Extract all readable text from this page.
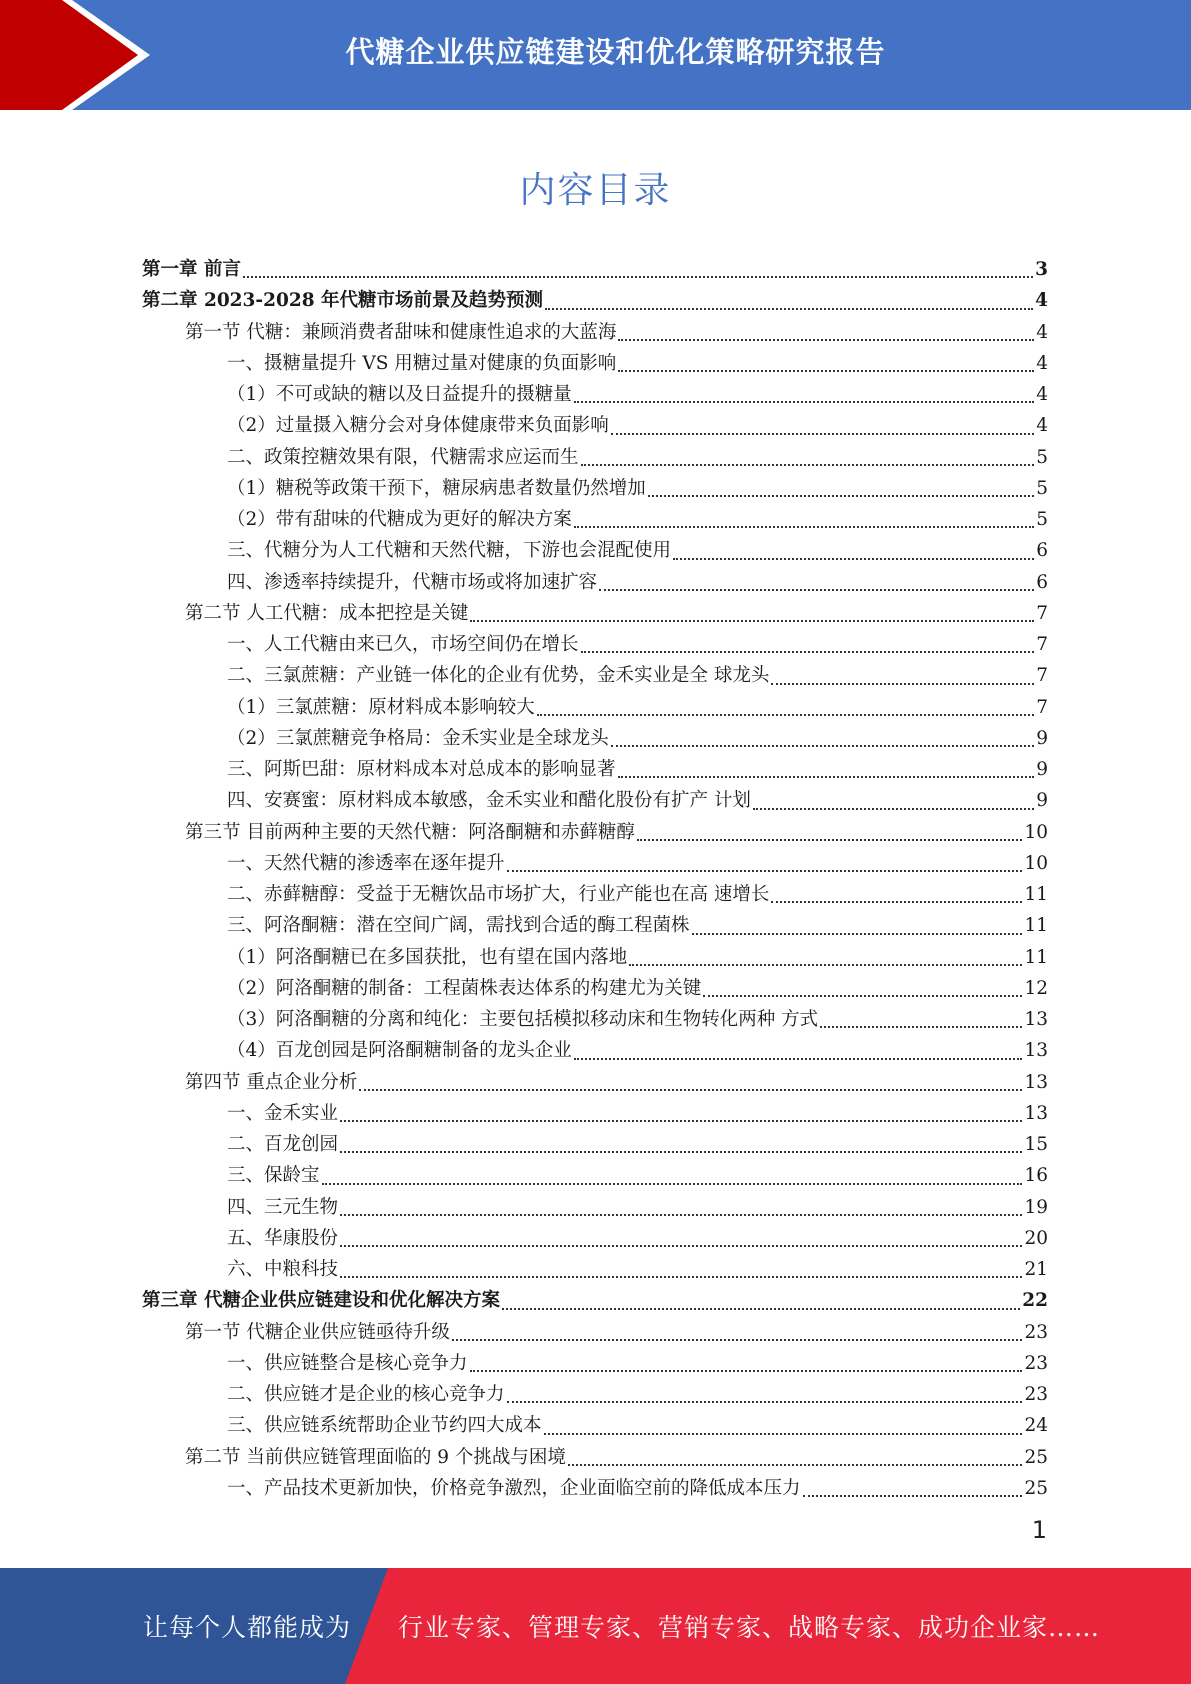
代糖企业供应链建设和优化策略研究报告
内容目录
第一章 前言	3
第二章 2023-2028 年代糖市场前景及趋势预测	4
第一节 代糖：兼顾消费者甜味和健康性追求的大蓝海	4
一、摄糖量提升 VS 用糖过量对健康的负面影响	4
（1）不可或缺的糖以及日益提升的摄糖量	4
（2）过量摄入糖分会对身体健康带来负面影响	4
二、政策控糖效果有限，代糖需求应运而生	5
（1）糖税等政策干预下，糖尿病患者数量仍然增加	5
（2）带有甜味的代糖成为更好的解决方案	5
三、代糖分为人工代糖和天然代糖，下游也会混配使用	6
四、渗透率持续提升，代糖市场或将加速扩容	6
第二节 人工代糖：成本把控是关键	7
一、人工代糖由来已久，市场空间仍在增长	7
二、三氯蔗糖：产业链一体化的企业有优势，金禾实业是全 球龙头	7
（1）三氯蔗糖：原材料成本影响较大	7
（2）三氯蔗糖竞争格局：金禾实业是全球龙头	9
三、阿斯巴甜：原材料成本对总成本的影响显著	9
四、安赛蜜：原材料成本敏感，金禾实业和醋化股份有扩产 计划	9
第三节 目前两种主要的天然代糖：阿洛酮糖和赤藓糖醇	10
一、天然代糖的渗透率在逐年提升	10
二、赤藓糖醇：受益于无糖饮品市场扩大，行业产能也在高 速增长	11
三、阿洛酮糖：潜在空间广阔，需找到合适的酶工程菌株	11
（1）阿洛酮糖已在多国获批，也有望在国内落地	11
（2）阿洛酮糖的制备：工程菌株表达体系的构建尤为关键	12
（3）阿洛酮糖的分离和纯化：主要包括模拟移动床和生物转化两种 方式	13
（4）百龙创园是阿洛酮糖制备的龙头企业	13
第四节 重点企业分析	13
一、金禾实业	13
二、百龙创园	15
三、保龄宝	16
四、三元生物	19
五、华康股份	20
六、中粮科技	21
第三章 代糖企业供应链建设和优化解决方案	22
第一节 代糖企业供应链亟待升级	23
一、供应链整合是核心竞争力	23
二、供应链才是企业的核心竞争力	23
三、供应链系统帮助企业节约四大成本	24
第二节 当前供应链管理面临的 9 个挑战与困境	25
一、产品技术更新加快，价格竞争激烈，企业面临空前的降低成本压力	25
1
让每个人都能成为 行业专家、管理专家、营销专家、战略专家、成功企业家……
